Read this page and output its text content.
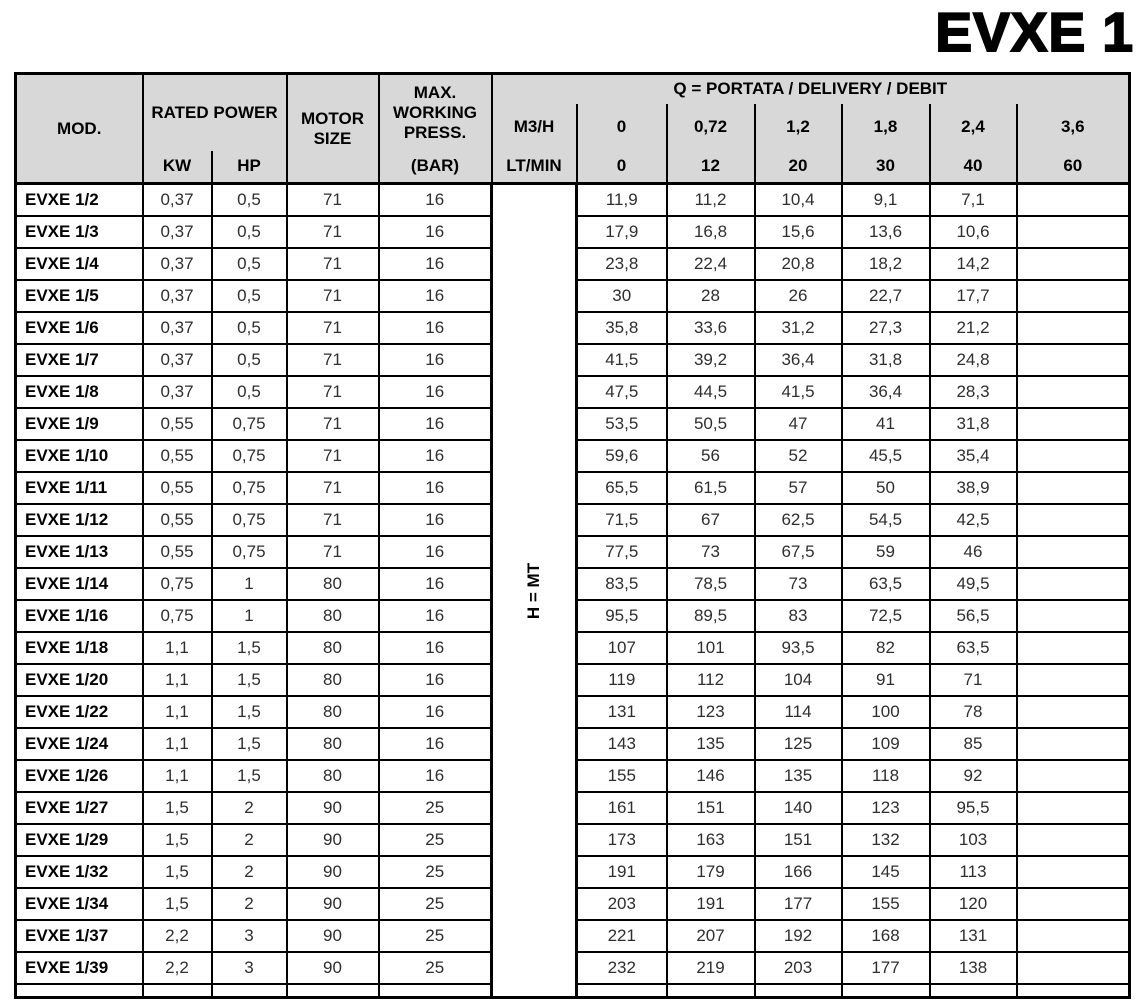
EVXE 1
MOD.	RATED POWER		MOTOR SIZE	MAX. WORKING PRESS.	Q = PORTATA / DELIVERY / DEBIT						
					M3/H	0	0,72	1,2	1,8	2,4	3,6
	KW	HP		(BAR)	LT/MIN	0	12	20	30	40	60
EVXE 1/2	0,37	0,5	71	16	H = MT	11,9	11,2	10,4	9,1	7,1	
EVXE 1/3	0,37	0,5	71	16		17,9	16,8	15,6	13,6	10,6	
EVXE 1/4	0,37	0,5	71	16		23,8	22,4	20,8	18,2	14,2	
EVXE 1/5	0,37	0,5	71	16		30	28	26	22,7	17,7	
EVXE 1/6	0,37	0,5	71	16		35,8	33,6	31,2	27,3	21,2	
EVXE 1/7	0,37	0,5	71	16		41,5	39,2	36,4	31,8	24,8	
EVXE 1/8	0,37	0,5	71	16		47,5	44,5	41,5	36,4	28,3	
EVXE 1/9	0,55	0,75	71	16		53,5	50,5	47	41	31,8	
EVXE 1/10	0,55	0,75	71	16		59,6	56	52	45,5	35,4	
EVXE 1/11	0,55	0,75	71	16		65,5	61,5	57	50	38,9	
EVXE 1/12	0,55	0,75	71	16		71,5	67	62,5	54,5	42,5	
EVXE 1/13	0,55	0,75	71	16		77,5	73	67,5	59	46	
EVXE 1/14	0,75	1	80	16		83,5	78,5	73	63,5	49,5	
EVXE 1/16	0,75	1	80	16		95,5	89,5	83	72,5	56,5	
EVXE 1/18	1,1	1,5	80	16		107	101	93,5	82	63,5	
EVXE 1/20	1,1	1,5	80	16		119	112	104	91	71	
EVXE 1/22	1,1	1,5	80	16		131	123	114	100	78	
EVXE 1/24	1,1	1,5	80	16		143	135	125	109	85	
EVXE 1/26	1,1	1,5	80	16		155	146	135	118	92	
EVXE 1/27	1,5	2	90	25		161	151	140	123	95,5	
EVXE 1/29	1,5	2	90	25		173	163	151	132	103	
EVXE 1/32	1,5	2	90	25		191	179	166	145	113	
EVXE 1/34	1,5	2	90	25		203	191	177	155	120	
EVXE 1/37	2,2	3	90	25		221	207	192	168	131	
EVXE 1/39	2,2	3	90	25		232	219	203	177	138	
